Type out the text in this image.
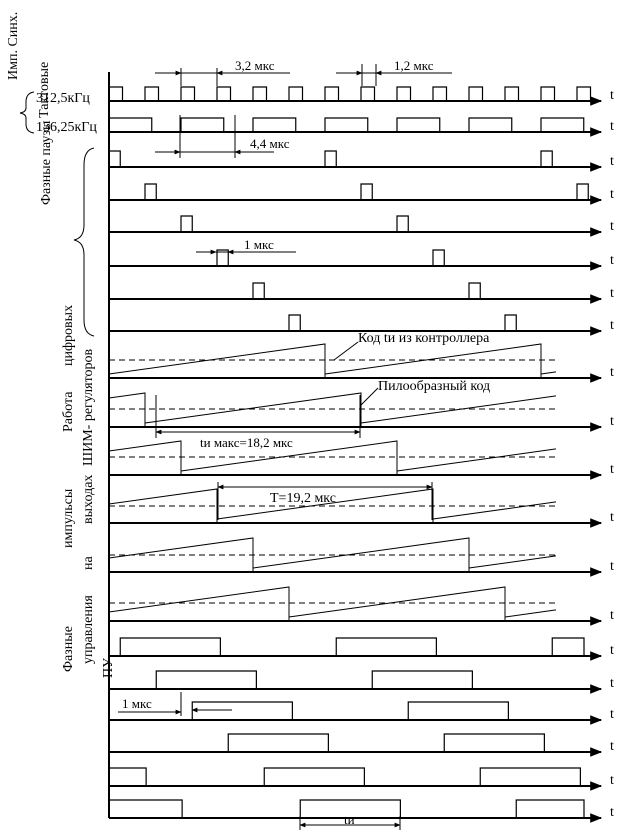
Имп. Синх.
Тактовые
Фазные паузы
Работа ШИМ- регуляторов
цифровых
импульсы
на
выходах
Фазные управления
ПУ
312,5кГц
156,25кГц
t
t
t
t
t
t
t
t
t
t
t
t
t
t
t
t
t
t
t
t
3,2 мкс	1,2 мкс
4,4 мкс
1 мкс
Код tи из контроллера
Пилообразный код
tи макс=18,2 мкс
T=19,2 мкс
1 мкс
tи
